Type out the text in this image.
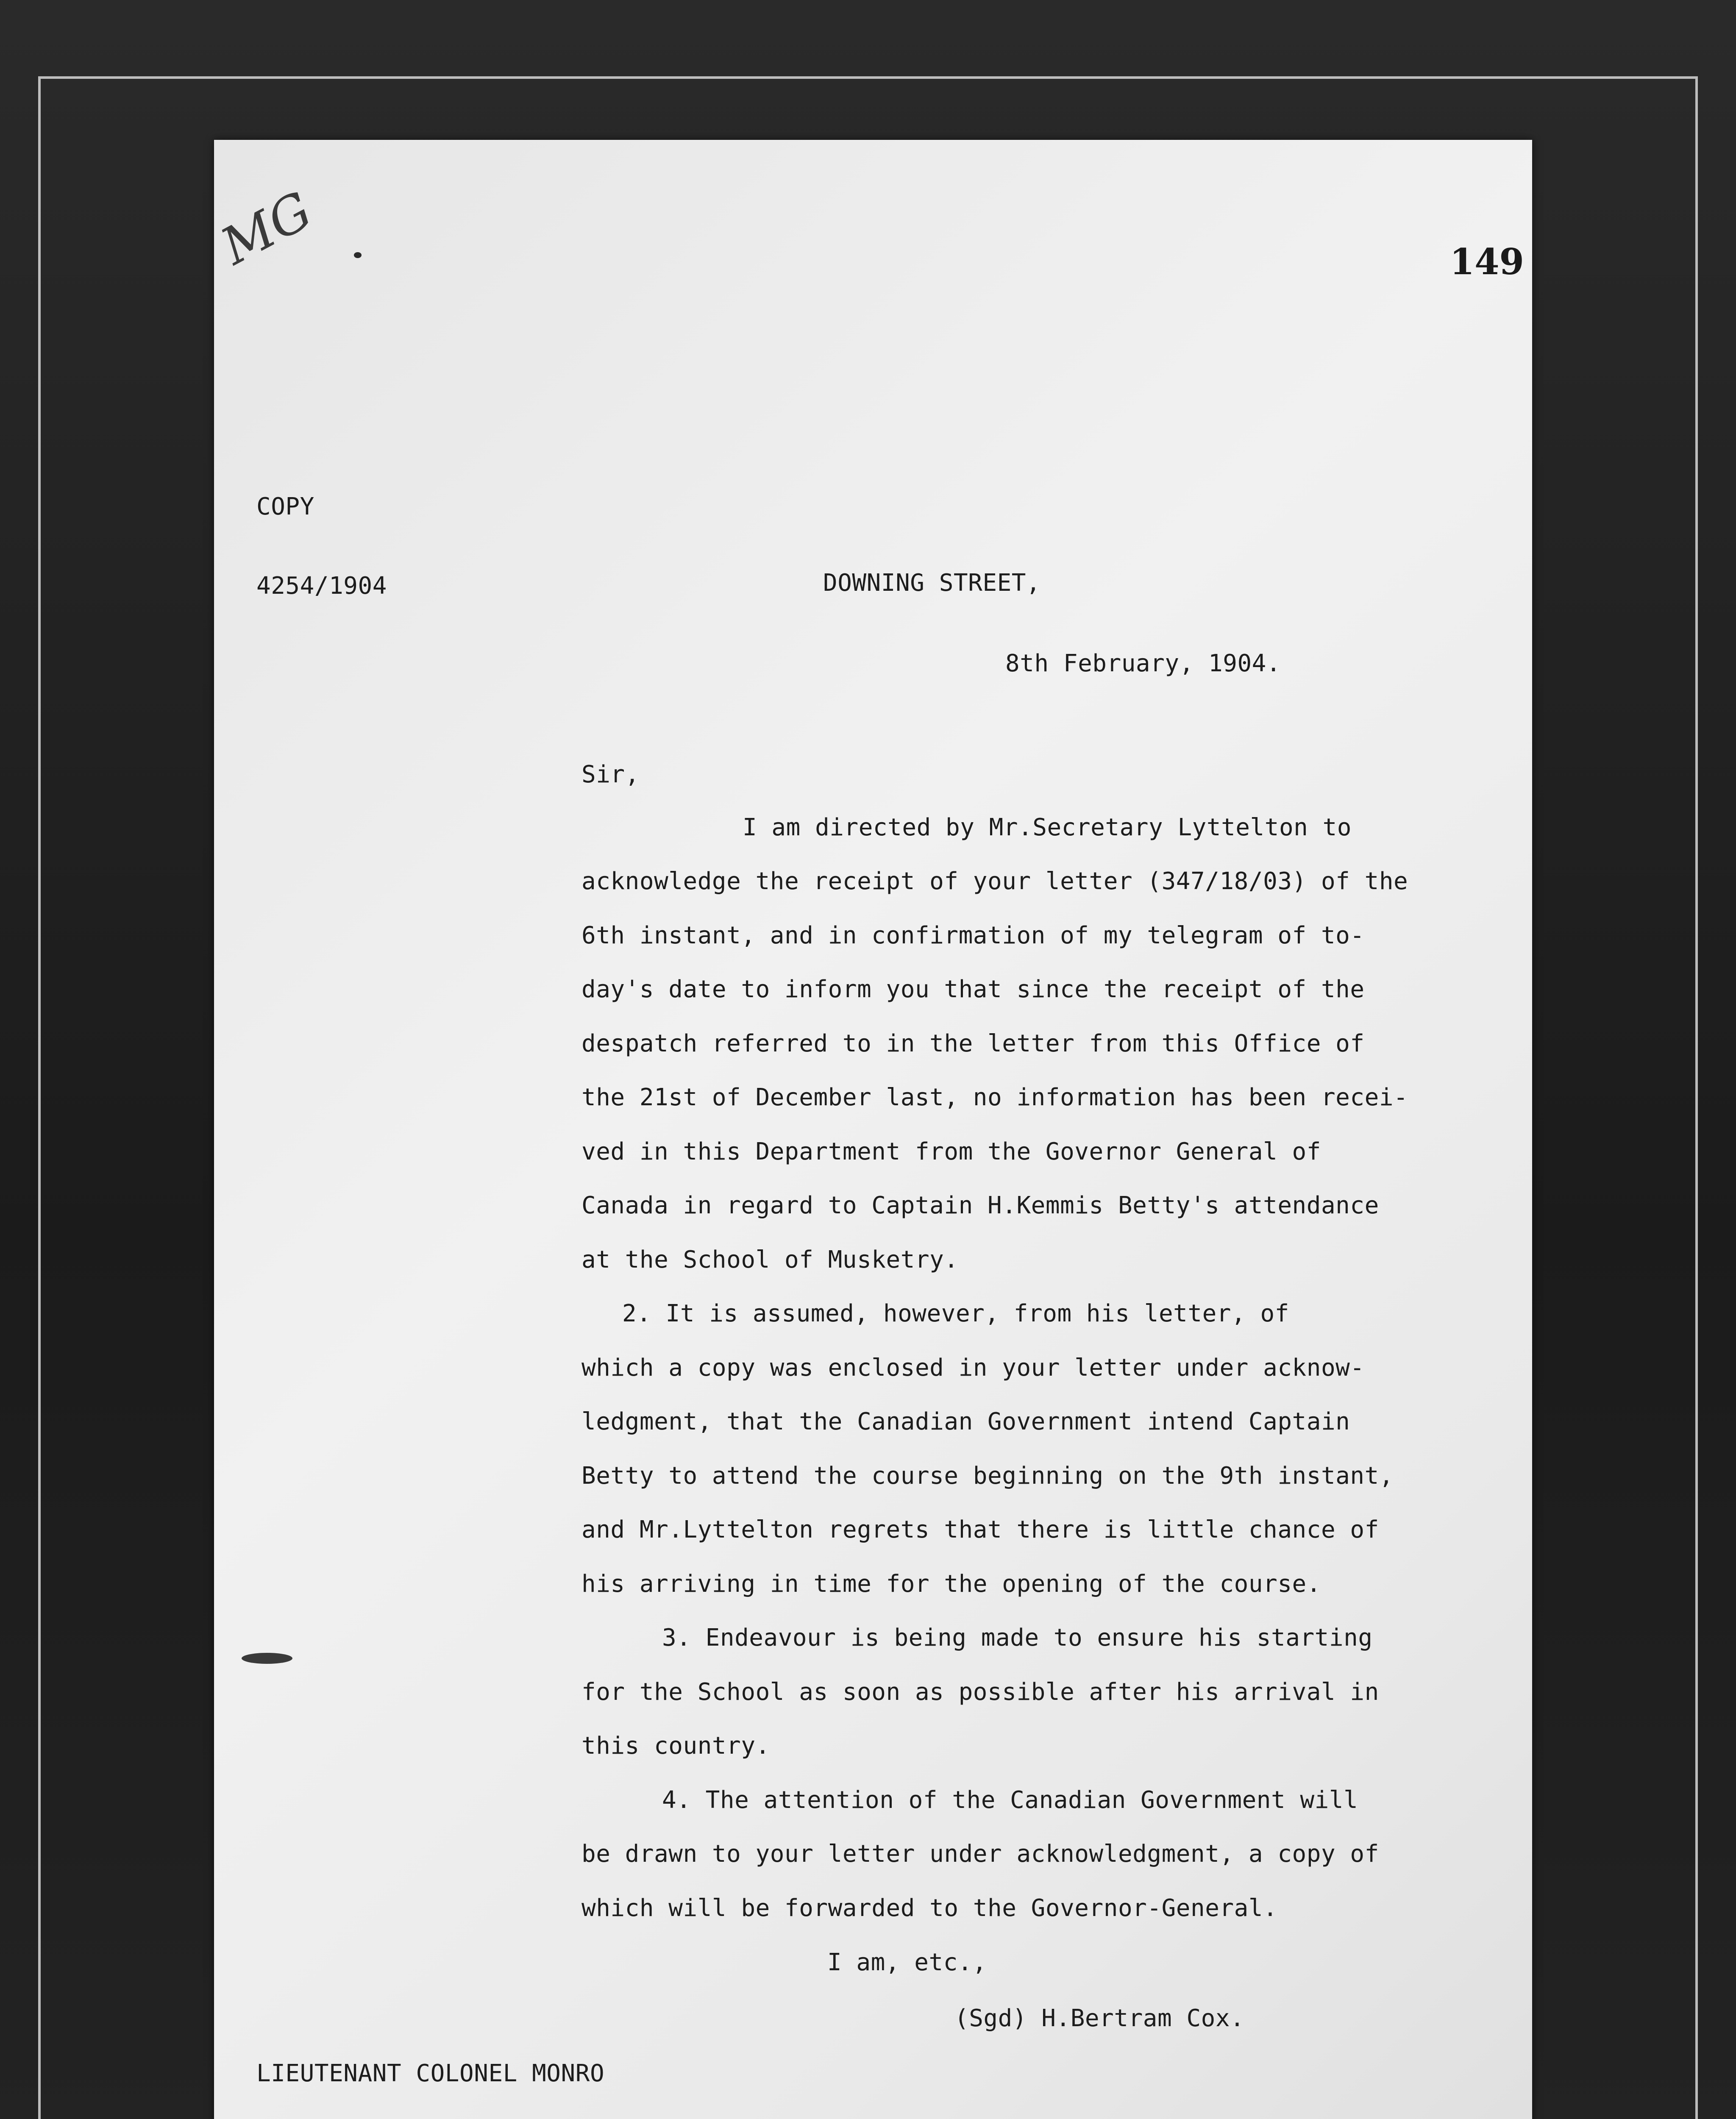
MG	149
COPY
4254/1904	DOWNING STREET,
8th February, 1904.
Sir,
I am directed by Mr.Secretary Lyttelton to
acknowledge the receipt of your letter (347/18/03) of the
6th instant, and in confirmation of my telegram of to-
day's date to inform you that since the receipt of the
despatch referred to in the letter from this Office of
the 21st of December last, no information has been recei-
ved in this Department from the Governor General of
Canada in regard to Captain H.Kemmis Betty's attendance
at the School of Musketry.
2. It is assumed, however, from his letter, of
which a copy was enclosed in your letter under acknow-
ledgment, that the Canadian Government intend Captain
Betty to attend the course beginning on the 9th instant,
and Mr.Lyttelton regrets that there is little chance of
his arriving in time for the opening of the course.
3. Endeavour is being made to ensure his starting
for the School as soon as possible after his arrival in
this country.
4. The attention of the Canadian Government will
be drawn to your letter under acknowledgment, a copy of
which will be forwarded to the Governor-General.
I am, etc.,
(Sgd) H.Bertram Cox.
LIEUTENANT COLONEL MONRO
